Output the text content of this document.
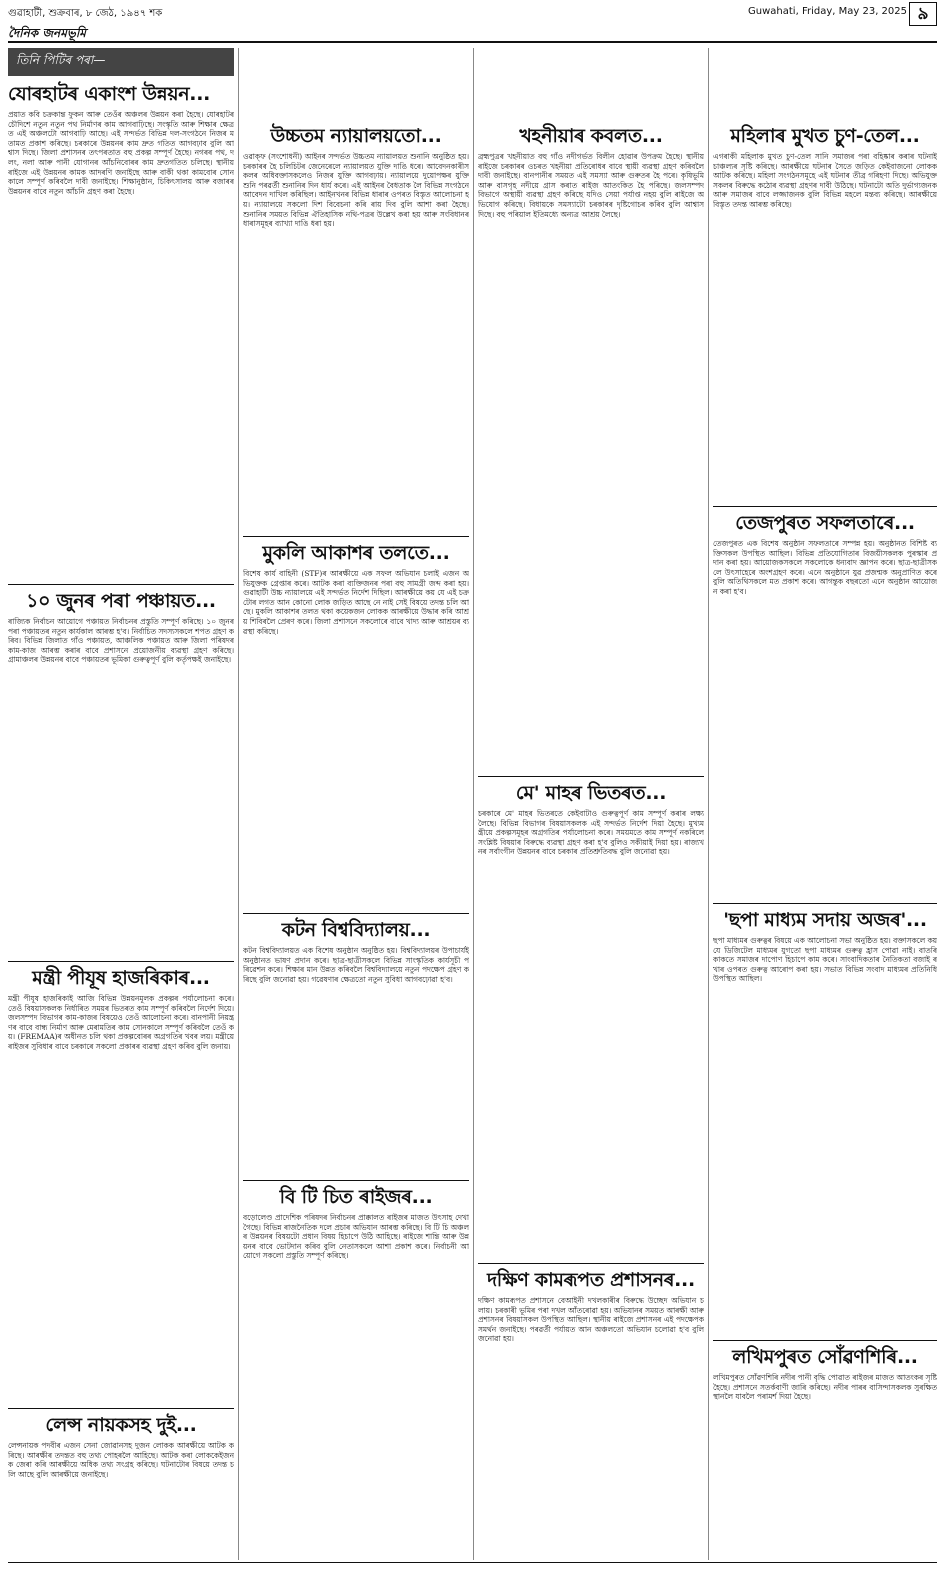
গুৱাহাটী, শুক্ৰবাৰ, ৮ জেঠ, ১৯৪৭ শক	Guwahati, Friday, May 23, 2025 ৯
দৈনিক জনমভূমি
তিনি পিটিৰ পৰা—
যোৰহাটৰ একাংশ উন্নয়ন...

প্ৰয়াত কবি চক্ৰকান্ত ফুকন আৰু তেওঁৰ অঞ্চলৰ উন্নয়ন কৰা হৈছে। যোৰহাটৰ চৌদিশে নতুন নতুন পথ নিৰ্মাণৰ কাম আগবাঢ়িছে। সংস্কৃতি আৰু শিক্ষাৰ ক্ষেত্ৰত এই অঞ্চলটো আগবাঢ়ি আছে। এই সন্দৰ্ভত বিভিন্ন দল-সংগঠনে নিজৰ মতামত প্ৰকাশ কৰিছে। চৰকাৰে উন্নয়নৰ কাম দ্ৰুত গতিত আগবঢ়াব বুলি আশ্বাস দিছে। জিলা প্ৰশাসনৰ তৎপৰতাত বহু প্ৰকল্প সম্পূৰ্ণ হৈছে। নগৰৰ পথ, দলং, নলা আৰু পানী যোগানৰ আঁচনিবোৰৰ কাম দ্ৰুতগতিত চলিছে। স্থানীয় ৰাইজে এই উন্নয়নৰ কামক আদৰণি জনাইছে আৰু বাকী থকা কামবোৰ সোনকালে সম্পূৰ্ণ কৰিবলৈ দাবী জনাইছে। শিক্ষানুষ্ঠান, চিকিৎসালয় আৰু বজাৰৰ উন্নয়নৰ বাবে নতুন আঁচনি গ্ৰহণ কৰা হৈছে।

১০ জুনৰ পৰা পঞ্চায়ত...

ৰাজ্যিক নিৰ্বাচন আয়োগে পঞ্চায়ত নিৰ্বাচনৰ প্ৰস্তুতি সম্পূৰ্ণ কৰিছে। ১০ জুনৰ পৰা পঞ্চায়তৰ নতুন কাৰ্যকাল আৰম্ভ হ'ব। নিৰ্বাচিত সদস্যসকলে শপত গ্ৰহণ কৰিব। বিভিন্ন জিলাত গাঁও পঞ্চায়ত, আঞ্চলিক পঞ্চায়ত আৰু জিলা পৰিষদৰ কাম-কাজ আৰম্ভ কৰাৰ বাবে প্ৰশাসনে প্ৰয়োজনীয় ব্যৱস্থা গ্ৰহণ কৰিছে। গ্ৰামাঞ্চলৰ উন্নয়নৰ বাবে পঞ্চায়তৰ ভূমিকা গুৰুত্বপূৰ্ণ বুলি কৰ্তৃপক্ষই জনাইছে।

মন্ত্ৰী পীযূষ হাজৰিকাৰ...

মন্ত্ৰী পীযূষ হাজৰিকাই আজি বিভিন্ন উন্নয়নমূলক প্ৰকল্পৰ পৰ্যালোচনা কৰে। তেওঁ বিষয়াসকলক নিৰ্ধাৰিত সময়ৰ ভিতৰত কাম সম্পূৰ্ণ কৰিবলৈ নিৰ্দেশ দিয়ে। জলসম্পদ বিভাগৰ কাম-কাজৰ বিষয়েও তেওঁ আলোচনা কৰে। বানপানী নিয়ন্ত্ৰণৰ বাবে বান্ধ নিৰ্মাণ আৰু মেৰামতিৰ কাম সোনকালে সম্পূৰ্ণ কৰিবলৈ তেওঁ কয়। (FREMAA)ৰ অধীনত চলি থকা প্ৰকল্পবোৰৰ অগ্ৰগতিৰ খবৰ লয়। মন্ত্ৰীয়ে ৰাইজৰ সুবিধাৰ বাবে চৰকাৰে সকলো প্ৰকাৰৰ ব্যৱস্থা গ্ৰহণ কৰিব বুলি জনায়।

লেন্স নায়কসহ দুই...

লেন্সনায়ক পদবীৰ এজন সেনা জোৱানসহ দুজন লোকক আৰক্ষীয়ে আটক কৰিছে। আৰক্ষীৰ তদন্তত বহু তথ্য পোহৰলৈ আহিছে। আটক কৰা লোককেইজনক জেৰা কৰি আৰক্ষীয়ে অধিক তথ্য সংগ্ৰহ কৰিছে। ঘটনাটোৰ বিষয়ে তদন্ত চলি আছে বুলি আৰক্ষীয়ে জনাইছে।

উচ্চতম ন্যায়ালয়তো...

ওৱাক্ফ (সংশোধনী) আইনৰ সন্দৰ্ভত উচ্চতম ন্যায়ালয়ত শুনানি অনুষ্ঠিত হয়। চৰকাৰৰ হৈ চলিচিটৰ জেনেৰেলে ন্যায়ালয়ত যুক্তি দাঙি ধৰে। আবেদনকাৰীসকলৰ অধিবক্তাসকলেও নিজৰ যুক্তি আগবঢ়ায়। ন্যায়ালয়ে দুয়োপক্ষৰ যুক্তি শুনি পৰৱৰ্তী শুনানিৰ দিন ধাৰ্য কৰে। এই আইনৰ বৈধতাক লৈ বিভিন্ন সংগঠনে আবেদন দাখিল কৰিছিল। আইনখনৰ বিভিন্ন ধাৰাৰ ওপৰত বিস্তৃত আলোচনা হয়। ন্যায়ালয়ে সকলো দিশ বিবেচনা কৰি ৰায় দিব বুলি আশা কৰা হৈছে। শুনানিৰ সময়ত বিভিন্ন ঐতিহাসিক নথি-পত্ৰৰ উল্লেখ কৰা হয় আৰু সংবিধানৰ ধাৰাসমূহৰ ব্যাখ্যা দাঙি ধৰা হয়।

মুকলি আকাশৰ তলতে...

বিশেষ কাৰ্য বাহিনী (STF)ৰ আৰক্ষীয়ে এক সফল অভিযান চলাই এজন অভিযুক্তক গ্ৰেপ্তাৰ কৰে। আটক কৰা ব্যক্তিজনৰ পৰা বহু সামগ্ৰী জব্দ কৰা হয়। গুৱাহাটী উচ্চ ন্যায়ালয়ে এই সন্দৰ্ভত নিৰ্দেশ দিছিল। আৰক্ষীয়ে কয় যে এই চক্ৰটোৰ লগত আন কোনো লোক জড়িত আছে নে নাই সেই বিষয়ে তদন্ত চলি আছে। মুকলি আকাশৰ তলত থকা কয়েকজন লোকক আৰক্ষীয়ে উদ্ধাৰ কৰি আশ্ৰয় শিবিৰলৈ প্ৰেৰণ কৰে। জিলা প্ৰশাসনে সকলোৰে বাবে খাদ্য আৰু আশ্ৰয়ৰ ব্যৱস্থা কৰিছে।

কটন বিশ্ববিদ্যালয়...

কটন বিশ্ববিদ্যালয়ত এক বিশেষ অনুষ্ঠান অনুষ্ঠিত হয়। বিশ্ববিদ্যালয়ৰ উপাচাৰ্যই অনুষ্ঠানত ভাষণ প্ৰদান কৰে। ছাত্ৰ-ছাত্ৰীসকলে বিভিন্ন সাংস্কৃতিক কাৰ্যসূচী পৰিৱেশন কৰে। শিক্ষাৰ মান উন্নত কৰিবলৈ বিশ্ববিদ্যালয়ে নতুন পদক্ষেপ গ্ৰহণ কৰিছে বুলি জনোৱা হয়। গৱেষণাৰ ক্ষেত্ৰতো নতুন সুবিধা আগবঢ়োৱা হ'ব।

বি টি চিত ৰাইজৰ...

বড়োলেণ্ড প্ৰাদেশিক পৰিষদৰ নিৰ্বাচনৰ প্ৰাক্কালত ৰাইজৰ মাজত উৎসাহ দেখা গৈছে। বিভিন্ন ৰাজনৈতিক দলে প্ৰচাৰ অভিযান আৰম্ভ কৰিছে। বি টি চি অঞ্চলৰ উন্নয়নৰ বিষয়টো প্ৰধান বিষয় হিচাপে উঠি আহিছে। ৰাইজে শান্তি আৰু উন্নয়নৰ বাবে ভোটদান কৰিব বুলি নেতাসকলে আশা প্ৰকাশ কৰে। নিৰ্বাচনী আয়োগে সকলো প্ৰস্তুতি সম্পূৰ্ণ কৰিছে।

খহনীয়াৰ কবলত...

ব্ৰহ্মপুত্ৰৰ খহনীয়াত বহু গাঁও নদীগৰ্ভত বিলীন হোৱাৰ উপক্ৰম হৈছে। স্থানীয় ৰাইজে চৰকাৰৰ ওচৰত খহনীয়া প্ৰতিৰোধৰ বাবে স্থায়ী ব্যৱস্থা গ্ৰহণ কৰিবলৈ দাবী জনাইছে। বানপানীৰ সময়ত এই সমস্যা আৰু গুৰুতৰ হৈ পৰে। কৃষিভূমি আৰু বাসগৃহ নদীয়ে গ্ৰাস কৰাত ৰাইজ আতংকিত হৈ পৰিছে। জলসম্পদ বিভাগে অস্থায়ী ব্যৱস্থা গ্ৰহণ কৰিছে যদিও সেয়া পৰ্যাপ্ত নহয় বুলি ৰাইজে অভিযোগ কৰিছে। বিধায়কে সমস্যাটো চৰকাৰৰ দৃষ্টিগোচৰ কৰিব বুলি আশ্বাস দিছে। বহু পৰিয়াল ইতিমধ্যে অন্যত্ৰ আশ্ৰয় লৈছে।

মে' মাহৰ ভিতৰত...

চৰকাৰে মে' মাহৰ ভিতৰতে কেইবাটাও গুৰুত্বপূৰ্ণ কাম সম্পূৰ্ণ কৰাৰ লক্ষ্য লৈছে। বিভিন্ন বিভাগৰ বিষয়াসকলক এই সন্দৰ্ভত নিৰ্দেশ দিয়া হৈছে। মুখ্যমন্ত্ৰীয়ে প্ৰকল্পসমূহৰ অগ্ৰগতিৰ পৰ্যালোচনা কৰে। সময়মতে কাম সম্পূৰ্ণ নকৰিলে সংশ্লিষ্ট বিষয়াৰ বিৰুদ্ধে ব্যৱস্থা গ্ৰহণ কৰা হ'ব বুলিও সকীয়াই দিয়া হয়। ৰাজ্যখনৰ সৰ্বাংগীন উন্নয়নৰ বাবে চৰকাৰ প্ৰতিশ্ৰুতিবদ্ধ বুলি জনোৱা হয়।

দক্ষিণ কামৰূপত প্ৰশাসনৰ...

দক্ষিণ কামৰূপত প্ৰশাসনে বেআইনী দখলকাৰীৰ বিৰুদ্ধে উচ্ছেদ অভিযান চলায়। চৰকাৰী ভূমিৰ পৰা দখল আঁতৰোৱা হয়। অভিযানৰ সময়ত আৰক্ষী আৰু প্ৰশাসনৰ বিষয়াসকল উপস্থিত আছিল। স্থানীয় ৰাইজে প্ৰশাসনৰ এই পদক্ষেপক সমৰ্থন জনাইছে। পৰৱৰ্তী পৰ্যায়ত আন অঞ্চলতো অভিযান চলোৱা হ'ব বুলি জনোৱা হয়।

মহিলাৰ মুখত চুণ-তেল...

এগৰাকী মহিলাক মুখত চুণ-তেল সানি সমাজৰ পৰা বহিষ্কাৰ কৰাৰ ঘটনাই চাঞ্চল্যৰ সৃষ্টি কৰিছে। আৰক্ষীয়ে ঘটনাৰ সৈতে জড়িত কেইবাজনো লোকক আটক কৰিছে। মহিলা সংগঠনসমূহে এই ঘটনাৰ তীব্ৰ গৰিহণা দিছে। অভিযুক্তসকলৰ বিৰুদ্ধে কঠোৰ ব্যৱস্থা গ্ৰহণৰ দাবী উঠিছে। ঘটনাটো অতি দুৰ্ভাগ্যজনক আৰু সমাজৰ বাবে লজ্জাজনক বুলি বিভিন্ন মহলে মন্তব্য কৰিছে। আৰক্ষীয়ে বিস্তৃত তদন্ত আৰম্ভ কৰিছে।

তেজপুৰত সফলতাৰে...

তেজপুৰত এক বিশেষ অনুষ্ঠান সফলতাৰে সম্পন্ন হয়। অনুষ্ঠানত বিশিষ্ট ব্যক্তিসকল উপস্থিত আছিল। বিভিন্ন প্ৰতিযোগিতাৰ বিজয়ীসকলক পুৰস্কাৰ প্ৰদান কৰা হয়। আয়োজকসকলে সকলোকে ধন্যবাদ জ্ঞাপন কৰে। ছাত্ৰ-ছাত্ৰীসকলে উৎসাহেৰে অংশগ্ৰহণ কৰে। এনে অনুষ্ঠানে যুৱ প্ৰজন্মক অনুপ্ৰাণিত কৰে বুলি অতিথিসকলে মত প্ৰকাশ কৰে। আগন্তুক বছৰতো এনে অনুষ্ঠান আয়োজন কৰা হ'ব।

'ছপা মাধ্যম সদায় অজৰ'...

ছপা মাধ্যমৰ গুৰুত্বৰ বিষয়ে এক আলোচনা সভা অনুষ্ঠিত হয়। বক্তাসকলে কয় যে ডিজিটেল মাধ্যমৰ যুগতো ছপা মাধ্যমৰ গুৰুত্ব হ্ৰাস পোৱা নাই। বাতৰি কাকতে সমাজৰ দাপোণ হিচাপে কাম কৰে। সাংবাদিকতাৰ নৈতিকতা বজাই ৰখাৰ ওপৰত গুৰুত্ব আৰোপ কৰা হয়। সভাত বিভিন্ন সংবাদ মাধ্যমৰ প্ৰতিনিধি উপস্থিত আছিল।

লখিমপুৰত সোঁৱণশিৰি...

লখিমপুৰত সোঁৱণশিৰি নদীৰ পানী বৃদ্ধি পোৱাত ৰাইজৰ মাজত আতংকৰ সৃষ্টি হৈছে। প্ৰশাসনে সতৰ্কবাণী জাৰি কৰিছে। নদীৰ পাৰৰ বাসিন্দাসকলক সুৰক্ষিত স্থানলৈ যাবলৈ পৰামৰ্শ দিয়া হৈছে।
